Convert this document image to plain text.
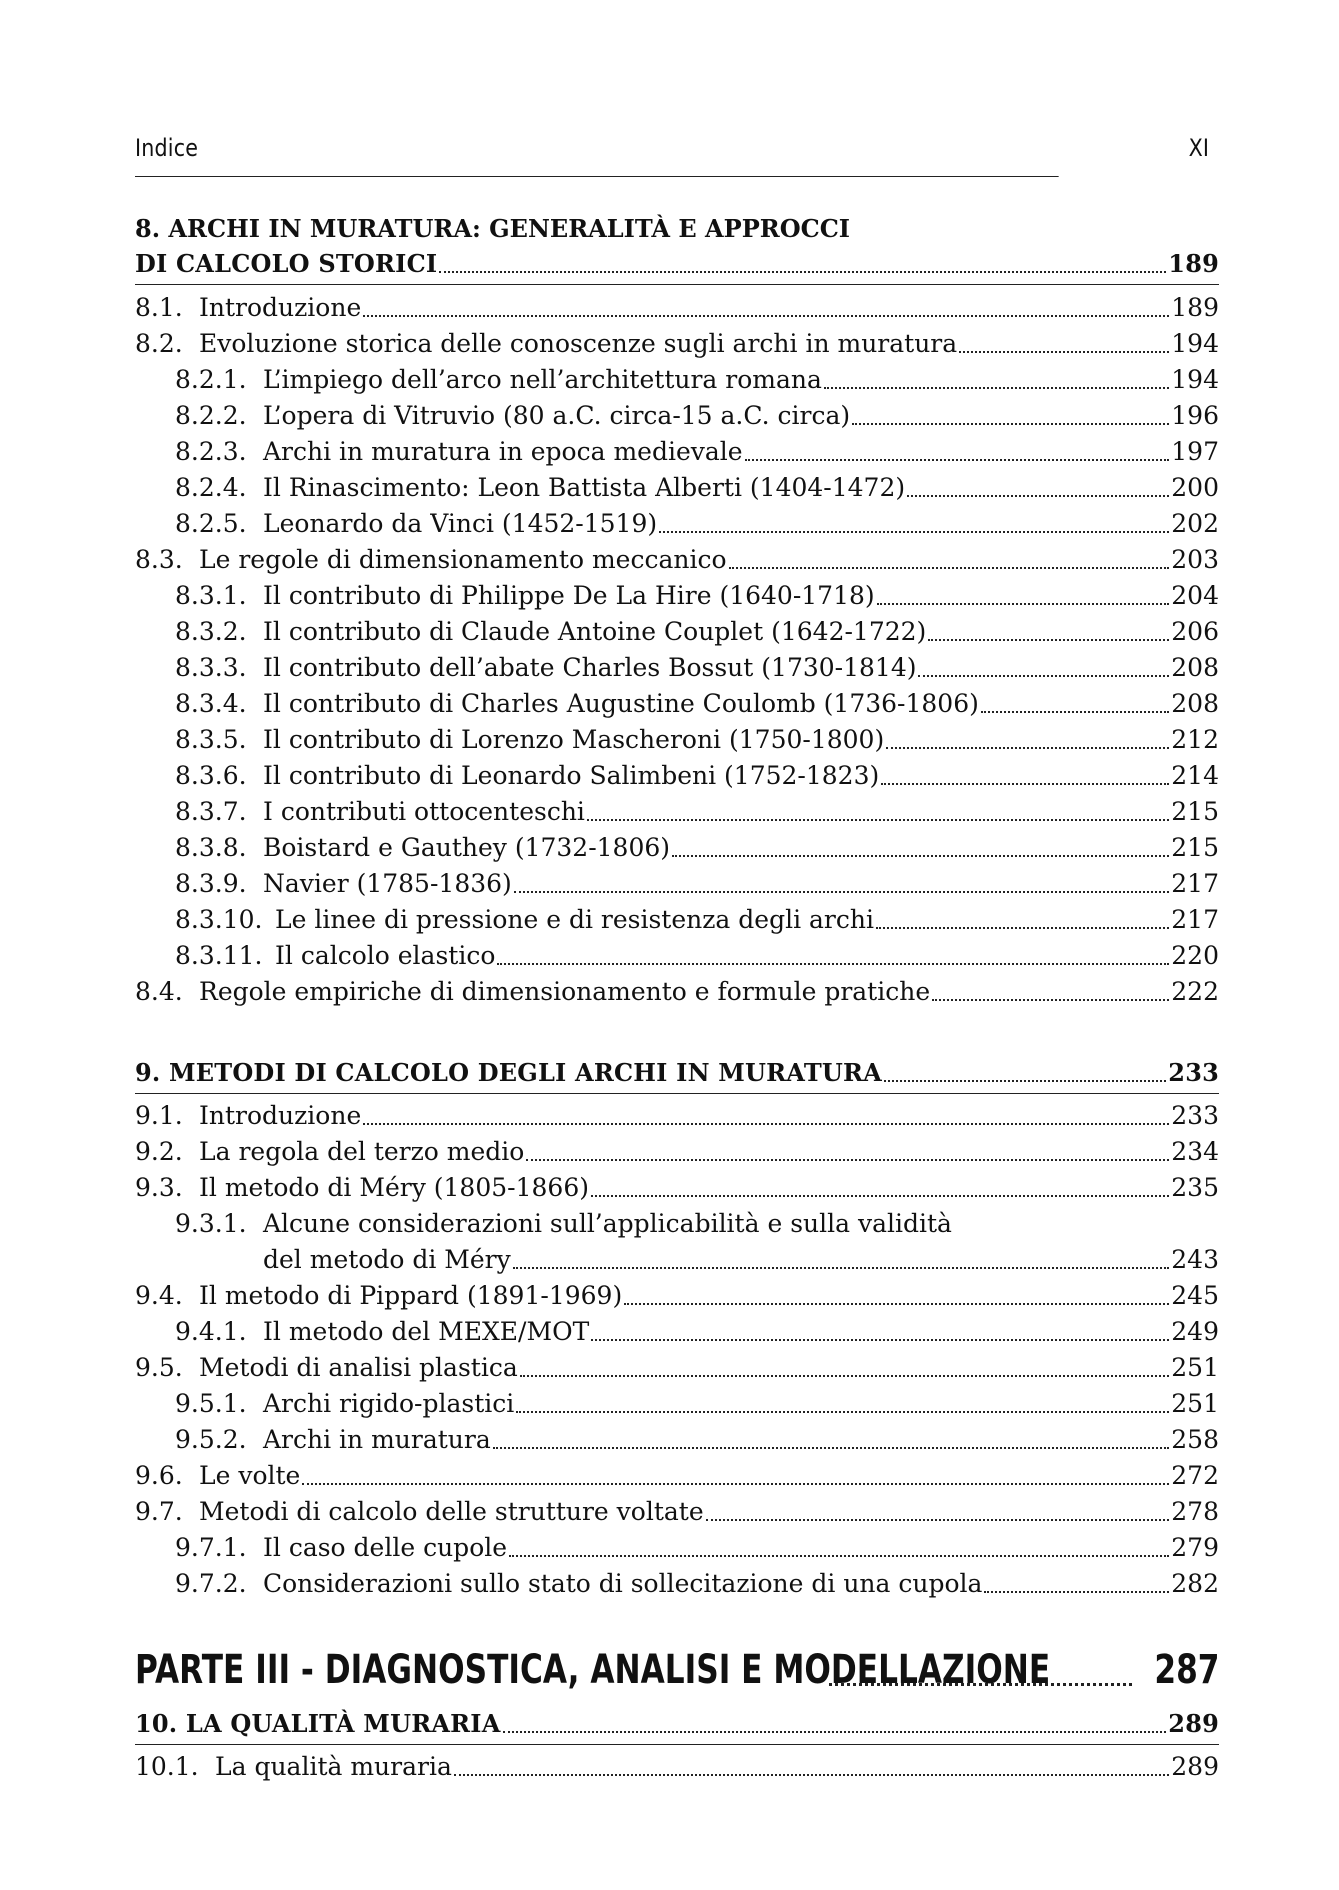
Indice	XI
8. ARCHI IN MURATURA: GENERALITÀ E APPROCCI
DI CALCOLO STORICI	189
8.1. Introduzione	189
8.2. Evoluzione storica delle conoscenze sugli archi in muratura	194
8.2.1. L’impiego dell’arco nell’architettura romana	194
8.2.2. L’opera di Vitruvio (80 a.C. circa-15 a.C. circa)	196
8.2.3. Archi in muratura in epoca medievale	197
8.2.4. Il Rinascimento: Leon Battista Alberti (1404-1472)	200
8.2.5. Leonardo da Vinci (1452-1519)	202
8.3. Le regole di dimensionamento meccanico	203
8.3.1. Il contributo di Philippe De La Hire (1640-1718)	204
8.3.2. Il contributo di Claude Antoine Couplet (1642-1722)	206
8.3.3. Il contributo dell’abate Charles Bossut (1730-1814)	208
8.3.4. Il contributo di Charles Augustine Coulomb (1736-1806)	208
8.3.5. Il contributo di Lorenzo Mascheroni (1750-1800)	212
8.3.6. Il contributo di Leonardo Salimbeni (1752-1823)	214
8.3.7. I contributi ottocenteschi	215
8.3.8. Boistard e Gauthey (1732-1806)	215
8.3.9. Navier (1785-1836)	217
8.3.10. Le linee di pressione e di resistenza degli archi	217
8.3.11. Il calcolo elastico	220
8.4. Regole empiriche di dimensionamento e formule pratiche	222
9. METODI DI CALCOLO DEGLI ARCHI IN MURATURA	233
9.1. Introduzione	233
9.2. La regola del terzo medio	234
9.3. Il metodo di Méry (1805-1866)	235
9.3.1. Alcune considerazioni sull’applicabilità e sulla validità
del metodo di Méry	243
9.4. Il metodo di Pippard (1891-1969)	245
9.4.1. Il metodo del MEXE/MOT	249
9.5. Metodi di analisi plastica	251
9.5.1. Archi rigido-plastici	251
9.5.2. Archi in muratura	258
9.6. Le volte	272
9.7. Metodi di calcolo delle strutture voltate	278
9.7.1. Il caso delle cupole	279
9.7.2. Considerazioni sullo stato di sollecitazione di una cupola	282
PARTE III - DIAGNOSTICA, ANALISI E MODELLAZIONE	287
10. LA QUALITÀ MURARIA	289
10.1. La qualità muraria	289
